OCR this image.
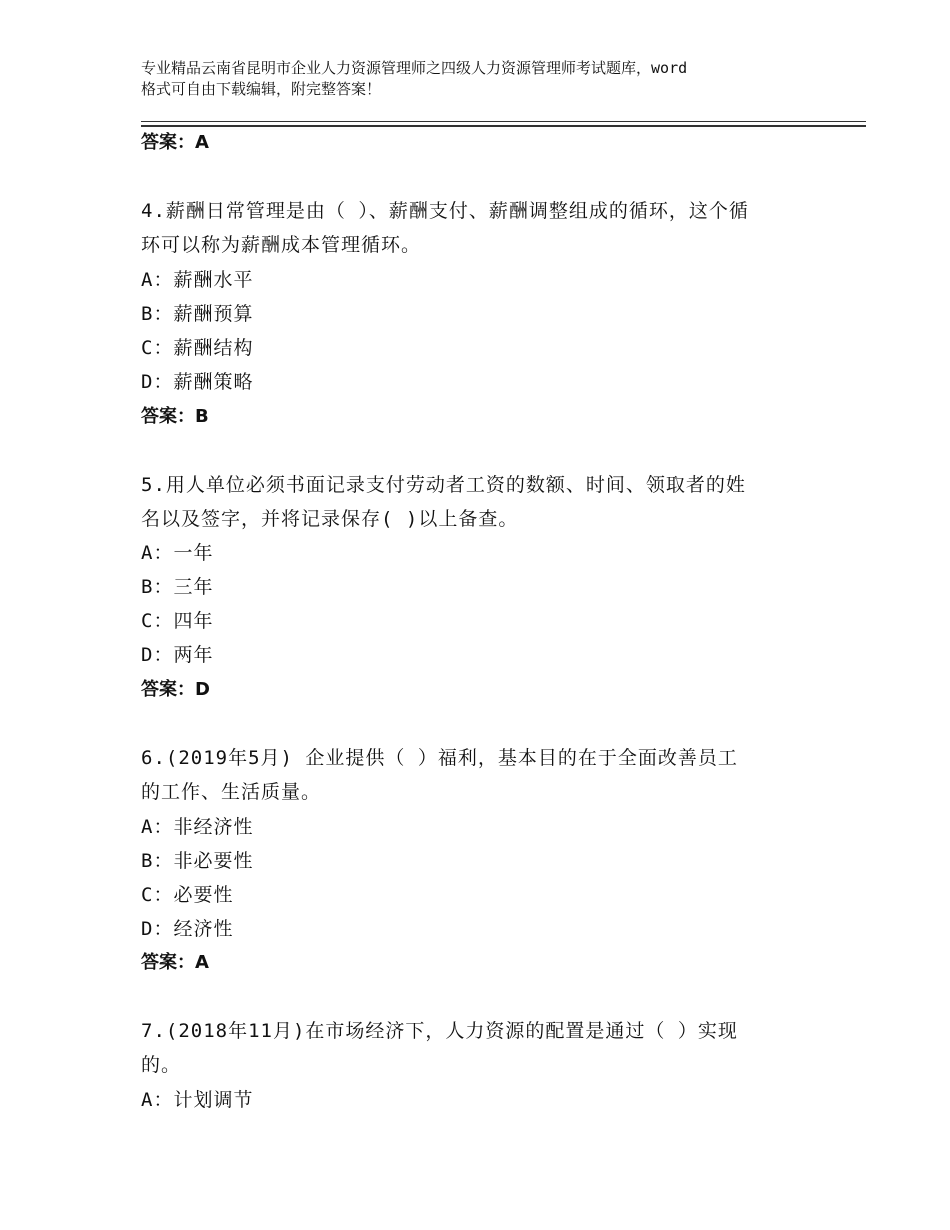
专业精品云南省昆明市企业人力资源管理师之四级人力资源管理师考试题库，word
格式可自由下载编辑，附完整答案！
答案：A
4.薪酬日常管理是由（ ）、薪酬支付、薪酬调整组成的循环，这个循
环可以称为薪酬成本管理循环。
A：薪酬水平
B：薪酬预算
C：薪酬结构
D：薪酬策略
答案：B
5.用人单位必须书面记录支付劳动者工资的数额、时间、领取者的姓
名以及签字，并将记录保存( )以上备查。
A：一年
B：三年
C：四年
D：两年
答案：D
6.(2019年5月) 企业提供（ ）福利，基本目的在于全面改善员工
的工作、生活质量。
A：非经济性
B：非必要性
C：必要性
D：经济性
答案：A
7.(2018年11月)在市场经济下，人力资源的配置是通过（ ）实现
的。
A：计划调节
